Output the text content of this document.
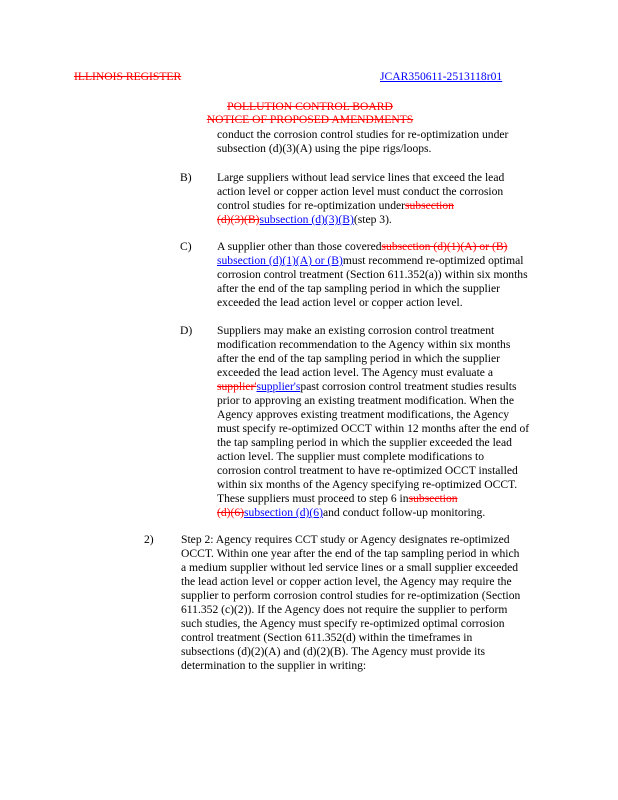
ILLINOIS REGISTER	JCAR350611-2513118r01
POLLUTION CONTROL BOARD
NOTICE OF PROPOSED AMENDMENTS
conduct the corrosion control studies for re-optimization under
subsection (d)(3)(A) using the pipe rigs/loops.
B) Large suppliers without lead service lines that exceed the lead
action level or copper action level must conduct the corrosion
control studies for re-optimization undersubsection
(d)(3)(B)subsection (d)(3)(B)(step 3).
C) A supplier other than those coveredsubsection (d)(1)(A) or (B)
subsection (d)(1)(A) or (B)must recommend re-optimized optimal
corrosion control treatment (Section 611.352(a)) within six months
after the end of the tap sampling period in which the supplier
exceeded the lead action level or copper action level.
D) Suppliers may make an existing corrosion control treatment
modification recommendation to the Agency within six months
after the end of the tap sampling period in which the supplier
exceeded the lead action level. The Agency must evaluate a
supplier'supplier'spast corrosion control treatment studies results
prior to approving an existing treatment modification. When the
Agency approves existing treatment modifications, the Agency
must specify re-optimized OCCT within 12 months after the end of
the tap sampling period in which the supplier exceeded the lead
action level. The supplier must complete modifications to
corrosion control treatment to have re-optimized OCCT installed
within six months of the Agency specifying re-optimized OCCT.
These suppliers must proceed to step 6 insubsection
(d)(6)subsection (d)(6)and conduct follow-up monitoring.
2) Step 2: Agency requires CCT study or Agency designates re-optimized
OCCT. Within one year after the end of the tap sampling period in which
a medium supplier without led service lines or a small supplier exceeded
the lead action level or copper action level, the Agency may require the
supplier to perform corrosion control studies for re-optimization (Section
611.352 (c)(2)). If the Agency does not require the supplier to perform
such studies, the Agency must specify re-optimized optimal corrosion
control treatment (Section 611.352(d) within the timeframes in
subsections (d)(2)(A) and (d)(2)(B). The Agency must provide its
determination to the supplier in writing:
